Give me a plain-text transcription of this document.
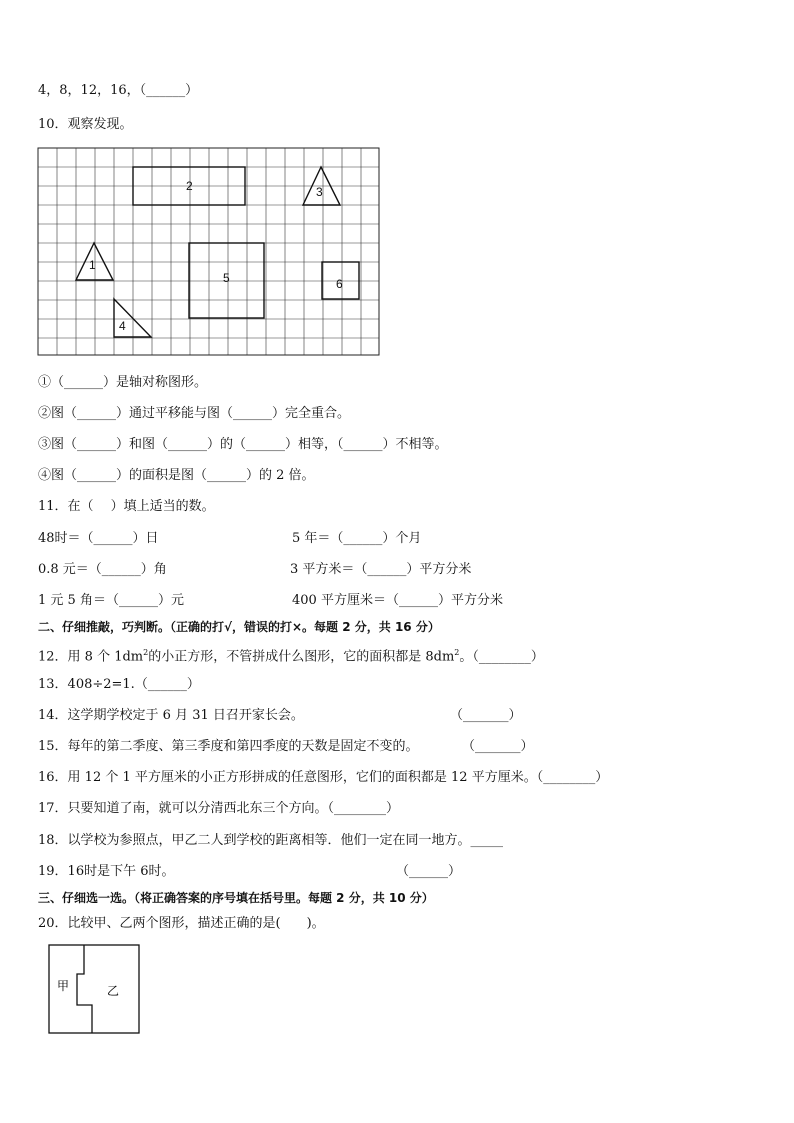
4，8，12，16，（______）
10．观察发现。
1
2	3
4
5	6
①（______）是轴对称图形。
②图（______）通过平移能与图（______）完全重合。
③图（______）和图（______）的（______）相等，（______）不相等。
④图（______）的面积是图（______）的 2 倍。
11．在（　 ）填上适当的数。
48时＝（______）日	5 年＝（______）个月
0.8 元＝（______）角	3 平方米＝（______）平方分米
1 元 5 角＝（______）元	400 平方厘米＝（______）平方分米
二、仔细推敲，巧判断。（正确的打√，错误的打×。每题 2 分，共 16 分）
12．用 8 个 $1dm^2$的小正方形，不管拼成什么图形，它的面积都是 $8dm^2$。（________）
13．408÷2=1.（______）
14．这学期学校定于 6 月 31 日召开家长会。	（_______）
15．每年的第二季度、第三季度和第四季度的天数是固定不变的。	（_______）
16．用 12 个 1 平方厘米的小正方形拼成的任意图形，它们的面积都是 12 平方厘米。（________）
17．只要知道了南，就可以分清西北东三个方向。（________）
18．以学校为参照点，甲乙二人到学校的距离相等．他们一定在同一地方。_____
19．16时是下午 6时。	（______）
三、仔细选一选。（将正确答案的序号填在括号里。每题 2 分，共 10 分）
20．比较甲、乙两个图形，描述正确的是(　　)。
甲	乙
